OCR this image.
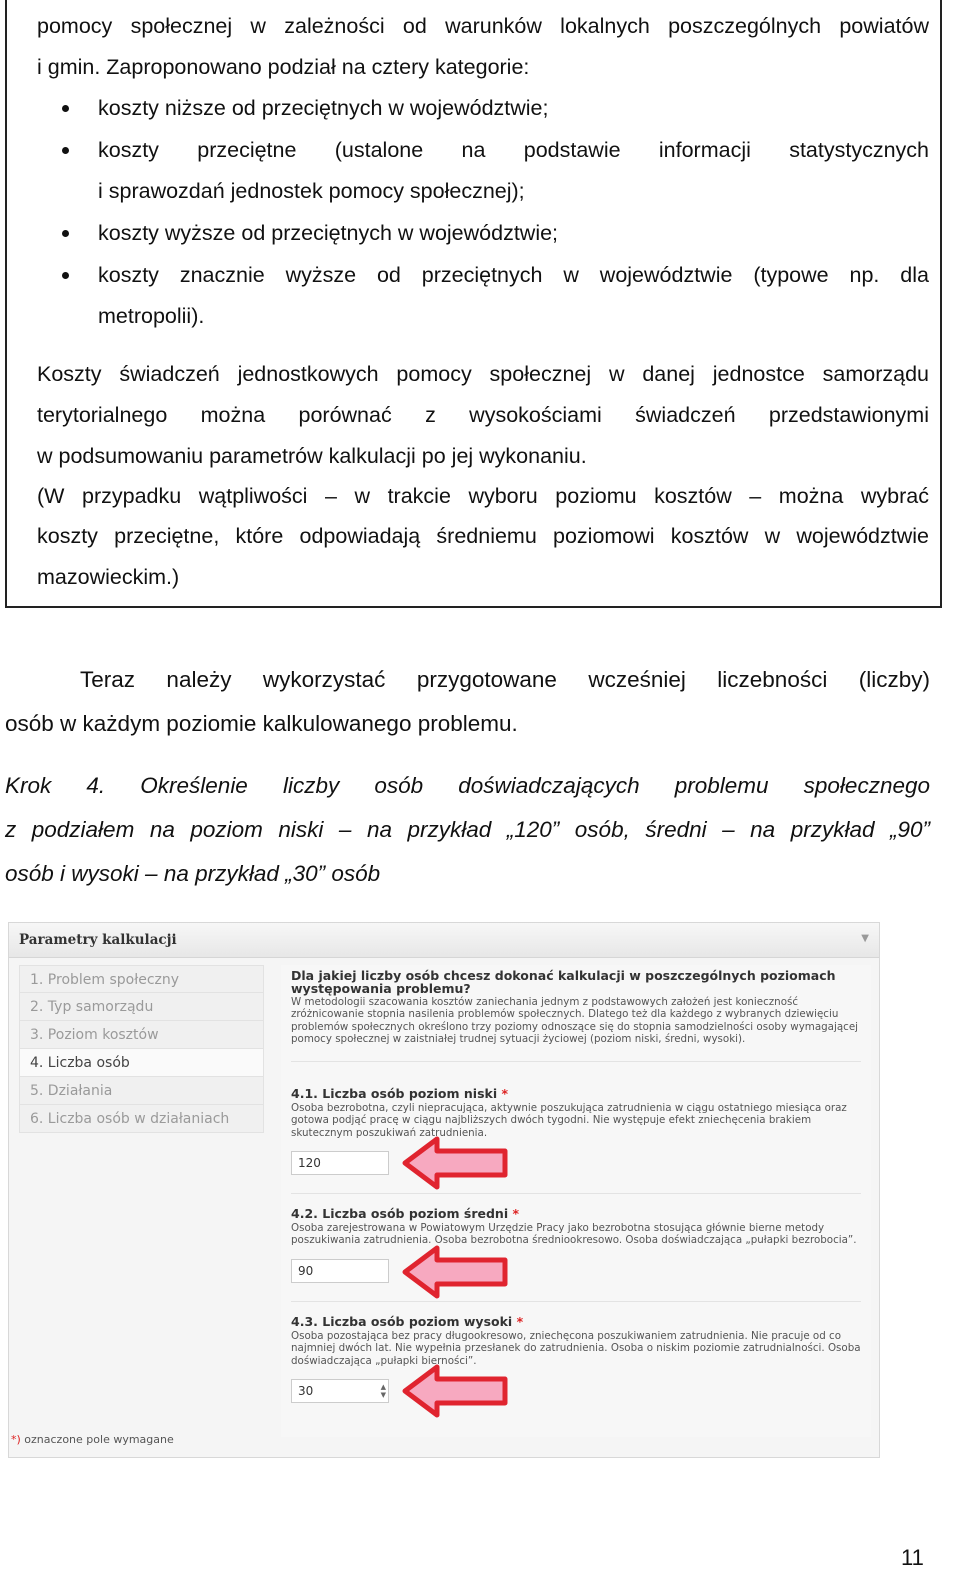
pomocy społecznej w zależności od warunków lokalnych poszczególnych powiatów
i gmin. Zaproponowano podział na cztery kategorie:
koszty niższe od przeciętnych w województwie;
koszty przeciętne (ustalone na podstawie informacji statystycznych
i sprawozdań jednostek pomocy społecznej);
koszty wyższe od przeciętnych w województwie;
koszty znacznie wyższe od przeciętnych w województwie (typowe np. dla
metropolii).
Koszty świadczeń jednostkowych pomocy społecznej w danej jednostce samorządu
terytorialnego można porównać z wysokościami świadczeń przedstawionymi
w podsumowaniu parametrów kalkulacji po jej wykonaniu.
(W przypadku wątpliwości – w trakcie wyboru poziomu kosztów – można wybrać
koszty przeciętne, które odpowiadają średniemu poziomowi kosztów w województwie
mazowieckim.)
Teraz należy wykorzystać przygotowane wcześniej liczebności (liczby)
osób w każdym poziomie kalkulowanego problemu.
Krok 4. Określenie liczby osób doświadczających problemu społecznego
z podziałem na poziom niski – na przykład „120” osób, średni – na przykład „90”
osób i wysoki – na przykład „30” osób
Parametry kalkulacji	▼
1. Problem społeczny
2. Typ samorządu
3. Poziom kosztów
4. Liczba osób
5. Działania
6. Liczba osób w działaniach
Dla jakiej liczby osób chcesz dokonać kalkulacji w poszczególnych poziomach występowania problemu?
W metodologii szacowania kosztów zaniechania jednym z podstawowych założeń jest konieczność zróżnicowanie stopnia nasilenia problemów społecznych. Dlatego też dla każdego z wybranych dziewięciu problemów społecznych określono trzy poziomy odnoszące się do stopnia samodzielności osoby wymagającej pomocy społecznej w zaistniałej trudnej sytuacji życiowej (poziom niski, średni, wysoki).
4.1. Liczba osób poziom niski *
Osoba bezrobotna, czyli niepracująca, aktywnie poszukująca zatrudnienia w ciągu ostatniego miesiąca oraz gotowa podjąć pracę w ciągu najbliższych dwóch tygodni. Nie występuje efekt zniechęcenia brakiem skutecznym poszukiwań zatrudnienia.
120
4.2. Liczba osób poziom średni *
Osoba zarejestrowana w Powiatowym Urzędzie Pracy jako bezrobotna stosująca głównie bierne metody poszukiwania zatrudnienia. Osoba bezrobotna średniookresowo. Osoba doświadczająca „pułapki bezrobocia”.
90
4.3. Liczba osób poziom wysoki *
Osoba pozostająca bez pracy długookresowo, zniechęcona poszukiwaniem zatrudnienia. Nie pracuje od co najmniej dwóch lat. Nie wypełnia przesłanek do zatrudnienia. Osoba o niskim poziomie zatrudnialności. Osoba doświadczająca „pułapki bierności”.
30	▲
▼
*) oznaczone pole wymagane
11
